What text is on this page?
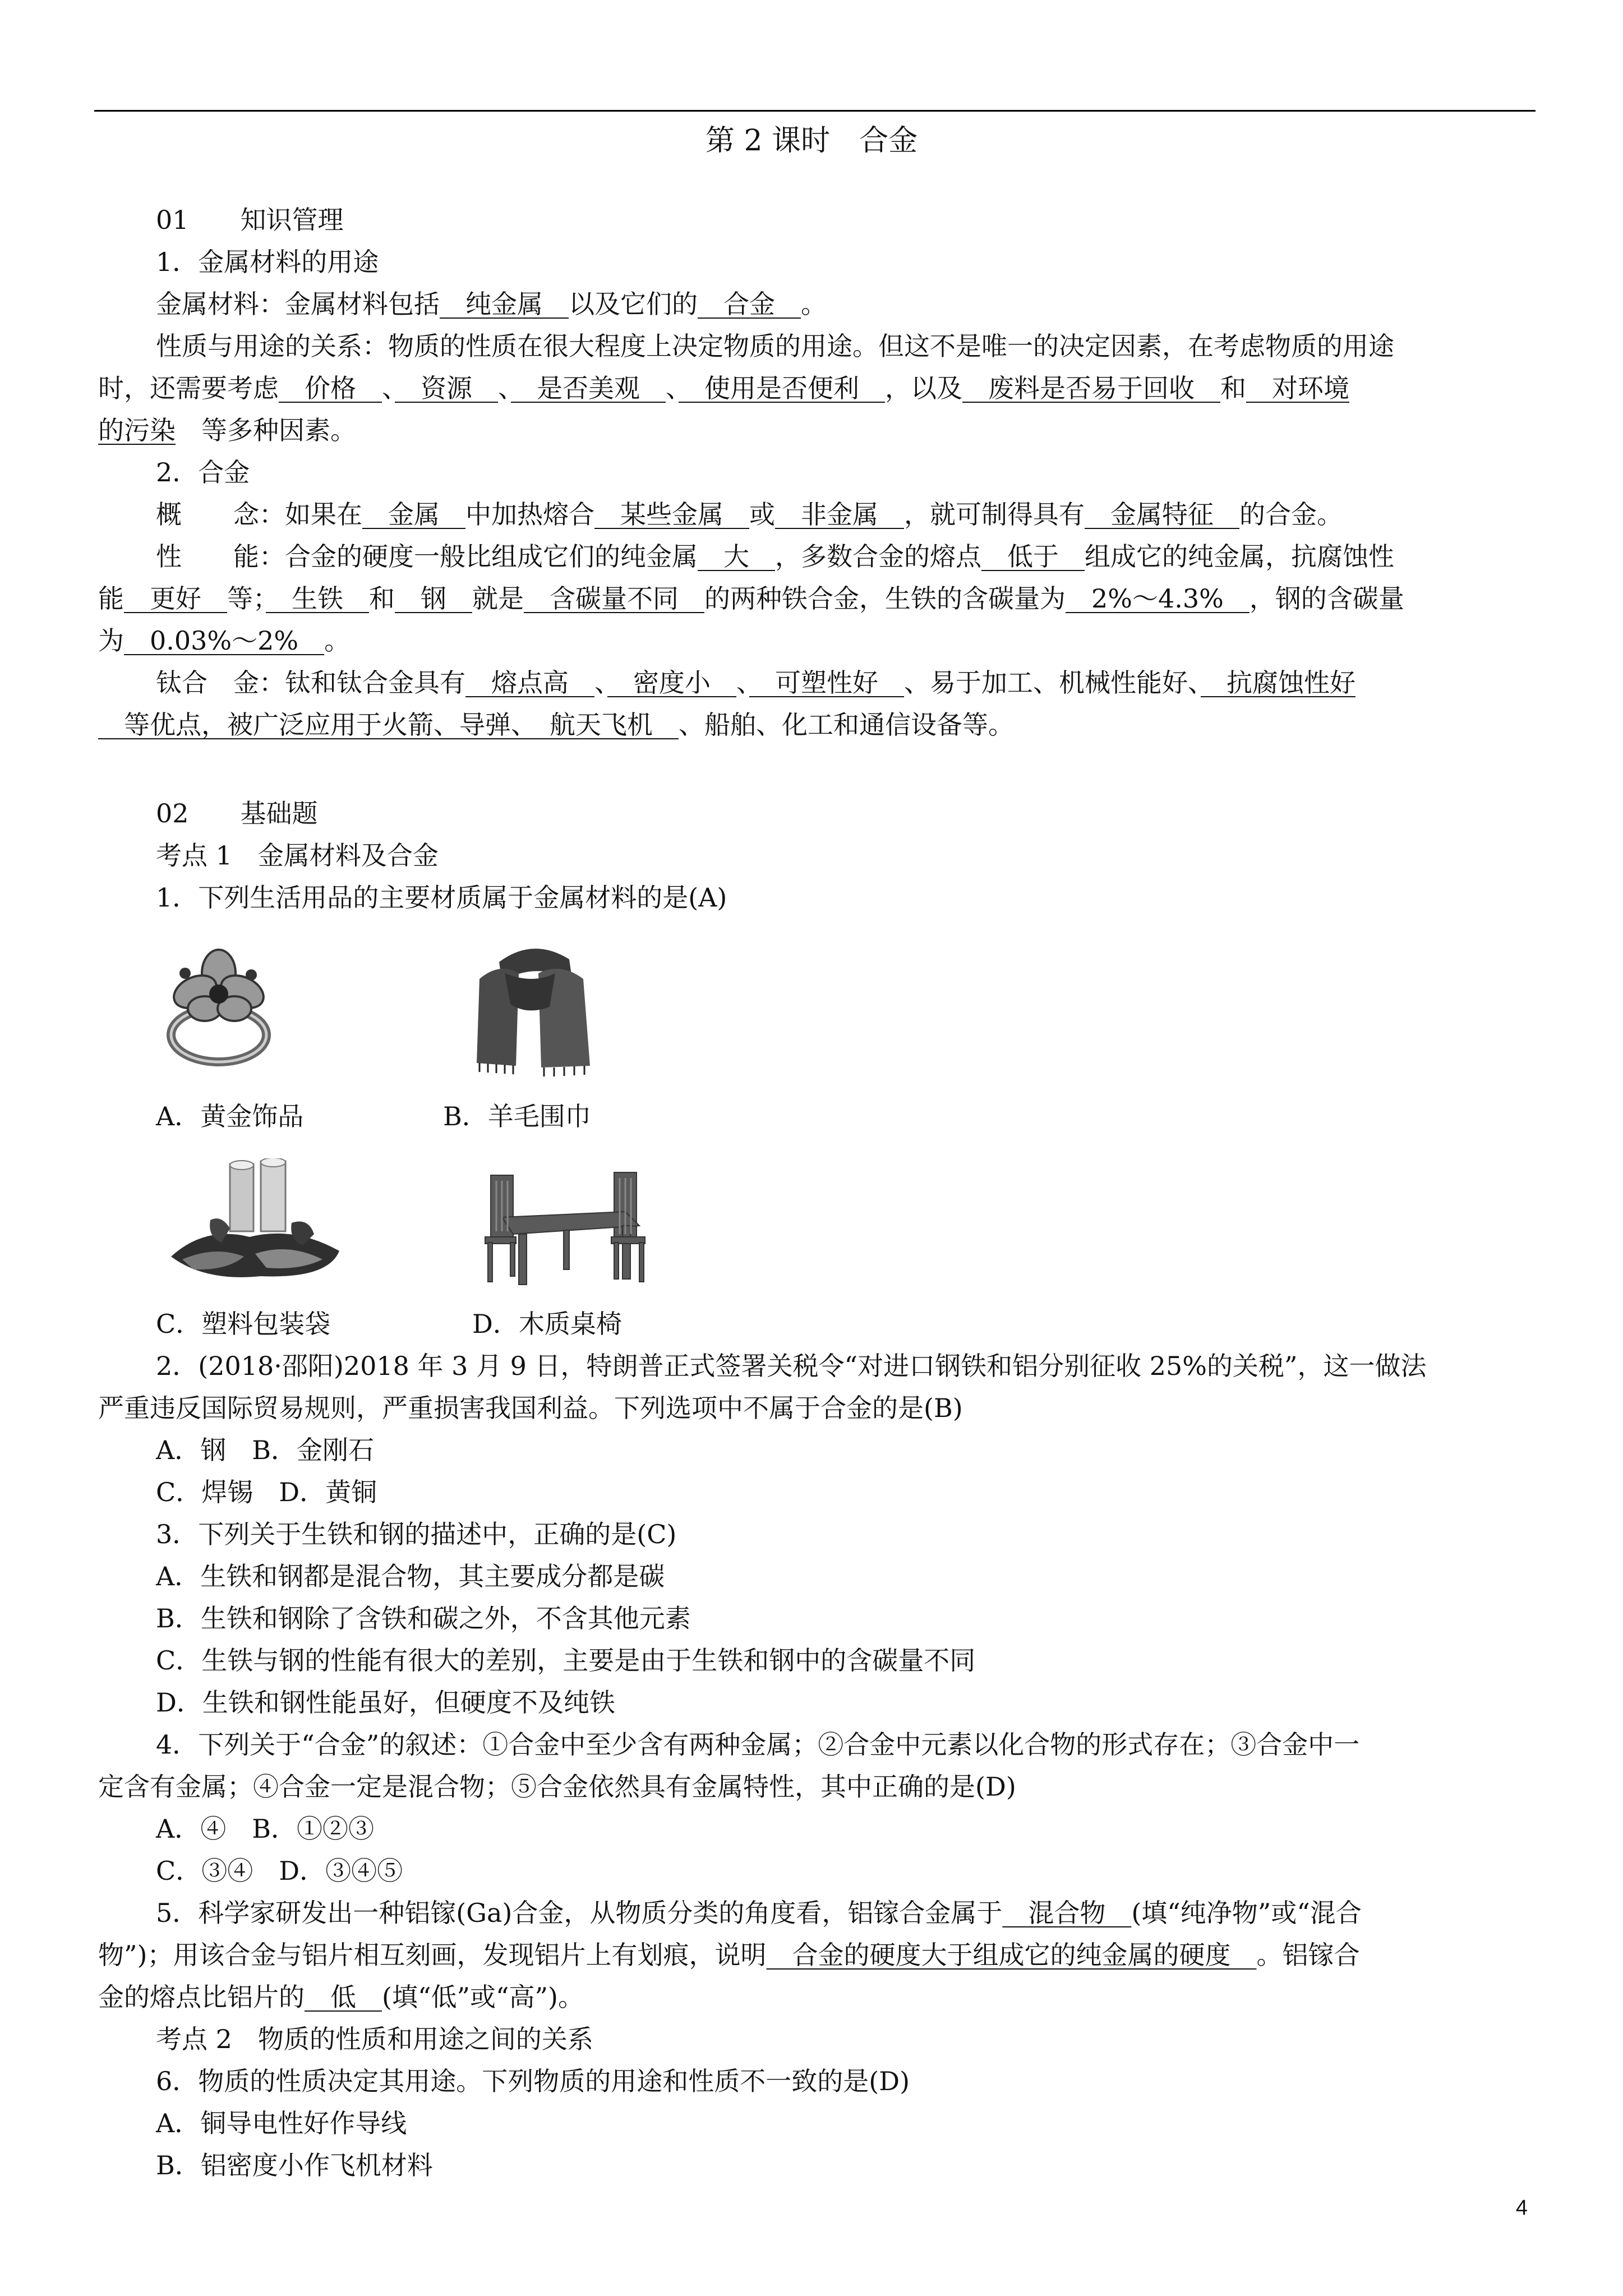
第 2 课时　合金
01　　知识管理
1．金属材料的用途
金属材料：金属材料包括　纯金属　以及它们的　合金　。
性质与用途的关系：物质的性质在很大程度上决定物质的用途。但这不是唯一的决定因素，在考虑物质的用途
时，还需要考虑　价格　、　资源　、　是否美观　、　使用是否便利　，以及　废料是否易于回收　和　对环境
的污染　等多种因素。
2．合金
概　　念：如果在　金属　中加热熔合　某些金属　或　非金属　，就可制得具有　金属特征　的合金。
性　　能：合金的硬度一般比组成它们的纯金属　大　，多数合金的熔点　低于　组成它的纯金属，抗腐蚀性
能　更好　等；　生铁　和　钢　就是　含碳量不同　的两种铁合金，生铁的含碳量为　2%～4.3%　，钢的含碳量
为　0.03%～2%　。
钛合　金：钛和钛合金具有　熔点高　、　密度小　、　可塑性好　、易于加工、机械性能好、　抗腐蚀性好
　等优点，被广泛应用于火箭、导弹、　航天飞机　、船舶、化工和通信设备等。
02　　基础题
考点 1　金属材料及合金
1．下列生活用品的主要材质属于金属材料的是(A)
A．黄金饰品	B．羊毛围巾
C．塑料包装袋	D．木质桌椅
2．(2018·邵阳)2018 年 3 月 9 日，特朗普正式签署关税令“对进口钢铁和铝分别征收 25%的关税”，这一做法
严重违反国际贸易规则，严重损害我国利益。下列选项中不属于合金的是(B)
A．钢　B．金刚石
C．焊锡　D．黄铜
3．下列关于生铁和钢的描述中，正确的是(C)
A．生铁和钢都是混合物，其主要成分都是碳
B．生铁和钢除了含铁和碳之外，不含其他元素
C．生铁与钢的性能有很大的差别，主要是由于生铁和钢中的含碳量不同
D．生铁和钢性能虽好，但硬度不及纯铁
4．下列关于“合金”的叙述：①合金中至少含有两种金属；②合金中元素以化合物的形式存在；③合金中一
定含有金属；④合金一定是混合物；⑤合金依然具有金属特性，其中正确的是(D)
A．④　B．①②③
C．③④　D．③④⑤
5．科学家研发出一种铝镓(Ga)合金，从物质分类的角度看，铝镓合金属于　混合物　(填“纯净物”或“混合
物”)；用该合金与铝片相互刻画，发现铝片上有划痕，说明　合金的硬度大于组成它的纯金属的硬度　。铝镓合
金的熔点比铝片的　低　(填“低”或“高”)。
考点 2　物质的性质和用途之间的关系
6．物质的性质决定其用途。下列物质的用途和性质不一致的是(D)
A．铜导电性好作导线
B．铝密度小作飞机材料
4
